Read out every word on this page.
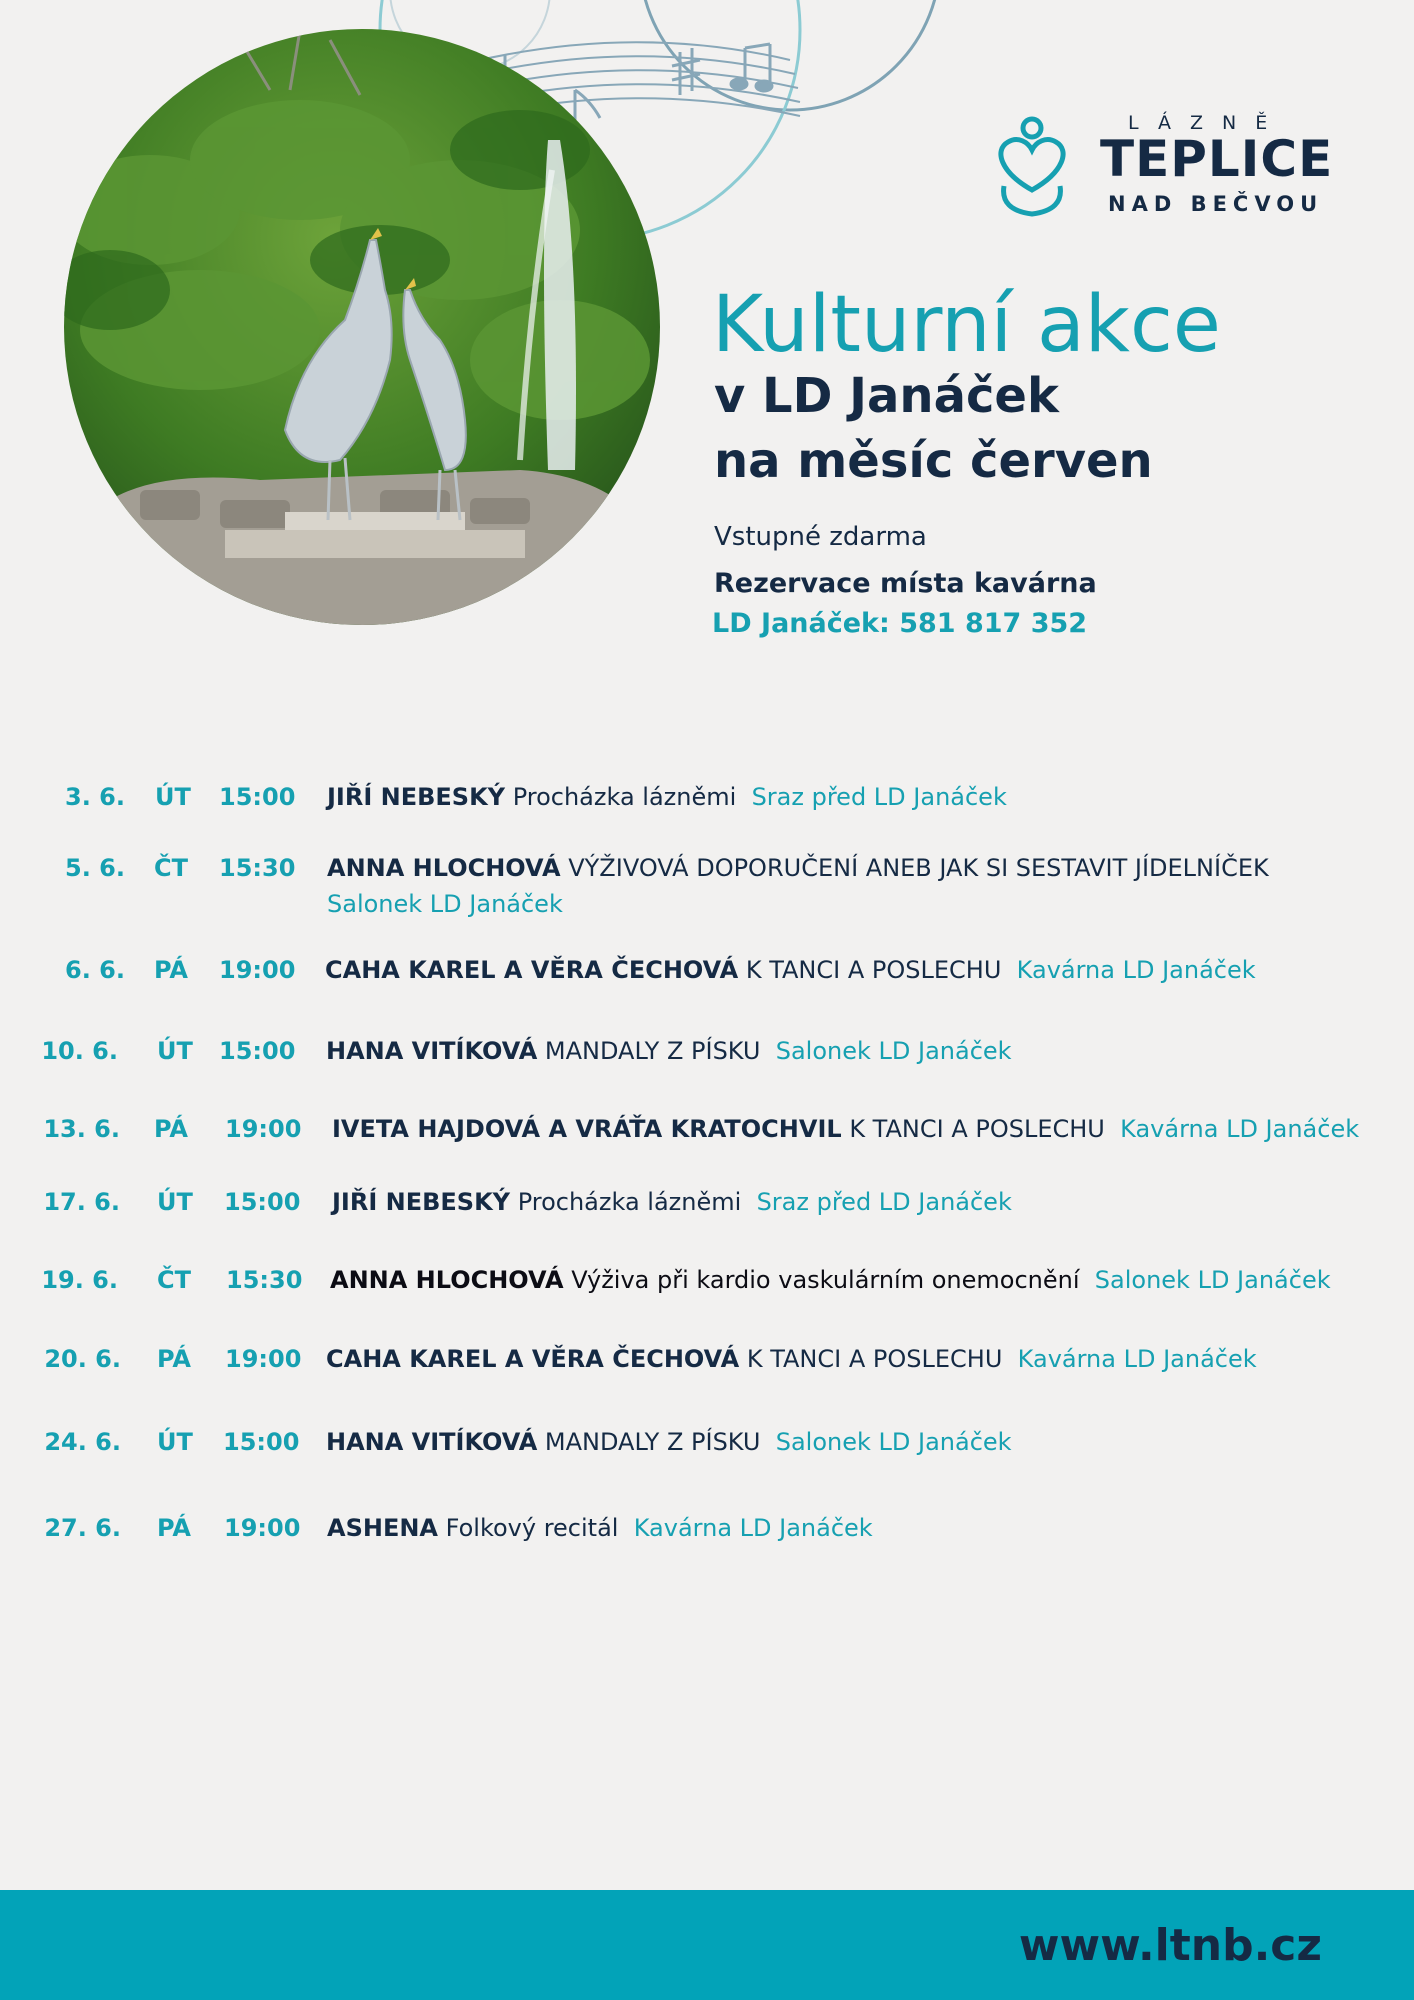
LÁZNĚ
TEPLICE
NAD BEČVOU
Kulturní akce
v LD Janáček
na měsíc červen
Vstupné zdarma
Rezervace místa kavárna
LD Janáček: 581 817 352
3. 6. ÚT 15:00 JIŘÍ NEBESKÝ Procházka lázněmi Sraz před LD Janáček
5. 6. ČT 15:30 ANNA HLOCHOVÁ VÝŽIVOVÁ DOPORUČENÍ ANEB JAK SI SESTAVIT JÍDELNÍČEK
Salonek LD Janáček
6. 6. PÁ 19:00 CAHA KAREL A VĚRA ČECHOVÁ K TANCI A POSLECHU Kavárna LD Janáček
10. 6. ÚT 15:00 HANA VITÍKOVÁ MANDALY Z PÍSKU Salonek LD Janáček
13. 6. PÁ 19:00 IVETA HAJDOVÁ A VRÁŤA KRATOCHVIL K TANCI A POSLECHU Kavárna LD Janáček
17. 6. ÚT 15:00 JIŘÍ NEBESKÝ Procházka lázněmi Sraz před LD Janáček
19. 6. ČT 15:30 ANNA HLOCHOVÁ Výživa při kardio vaskulárním onemocnění Salonek LD Janáček
20. 6. PÁ 19:00 CAHA KAREL A VĚRA ČECHOVÁ K TANCI A POSLECHU Kavárna LD Janáček
24. 6. ÚT 15:00 HANA VITÍKOVÁ MANDALY Z PÍSKU Salonek LD Janáček
27. 6. PÁ 19:00 ASHENA Folkový recitál Kavárna LD Janáček
www.ltnb.cz
